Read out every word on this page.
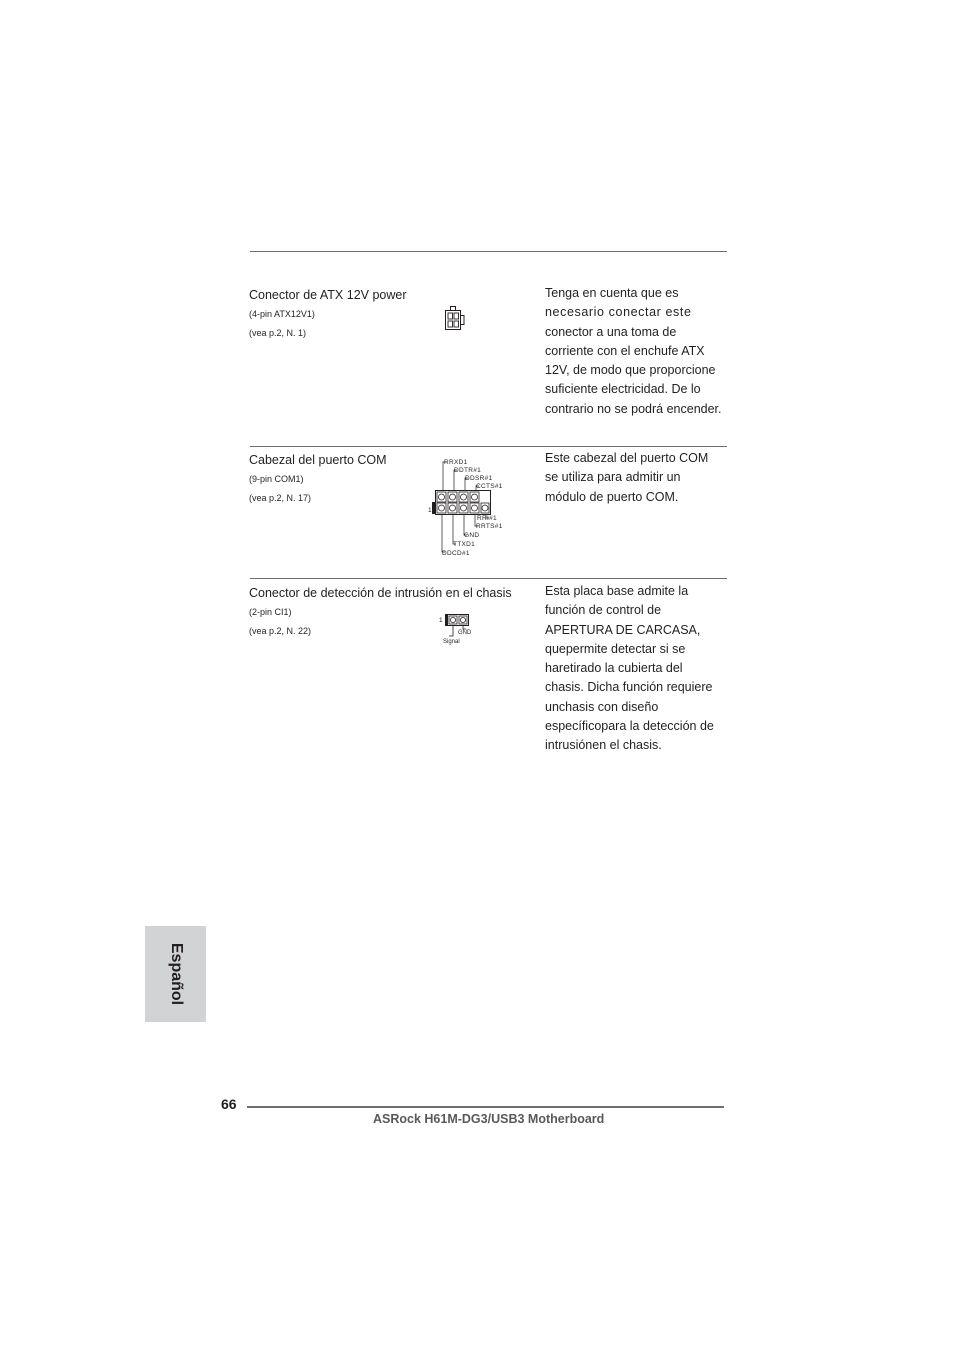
Conector de ATX 12V power
(4-pin ATX12V1)
(vea p.2, N. 1)
Tenga en cuenta que es
necesario conectar este
conector a una toma de
corriente con el enchufe ATX
12V, de modo que proporcione
suficiente electricidad. De lo
contrario no se podrá encender.
Cabezal del puerto COM
(9-pin COM1)
(vea p.2, N. 17)
RRXD1
DDTR#1
DDSR#1
CCTS#1
1
RRI#1
RRTS#1
GND
TTXD1
DDCD#1
Este cabezal del puerto COM
se utiliza para admitir un
módulo de puerto COM.
Conector de detección de intrusión en el chasis
(2-pin CI1)
(vea p.2, N. 22)
1
GND
Signal
Esta placa base admite la
función de control de
APERTURA DE CARCASA,
quepermite detectar si se
haretirado la cubierta del
chasis. Dicha función requiere
unchasis con diseño
específicopara la detección de
intrusiónen el chasis.
Español
66
ASRock H61M-DG3/USB3 Motherboard
